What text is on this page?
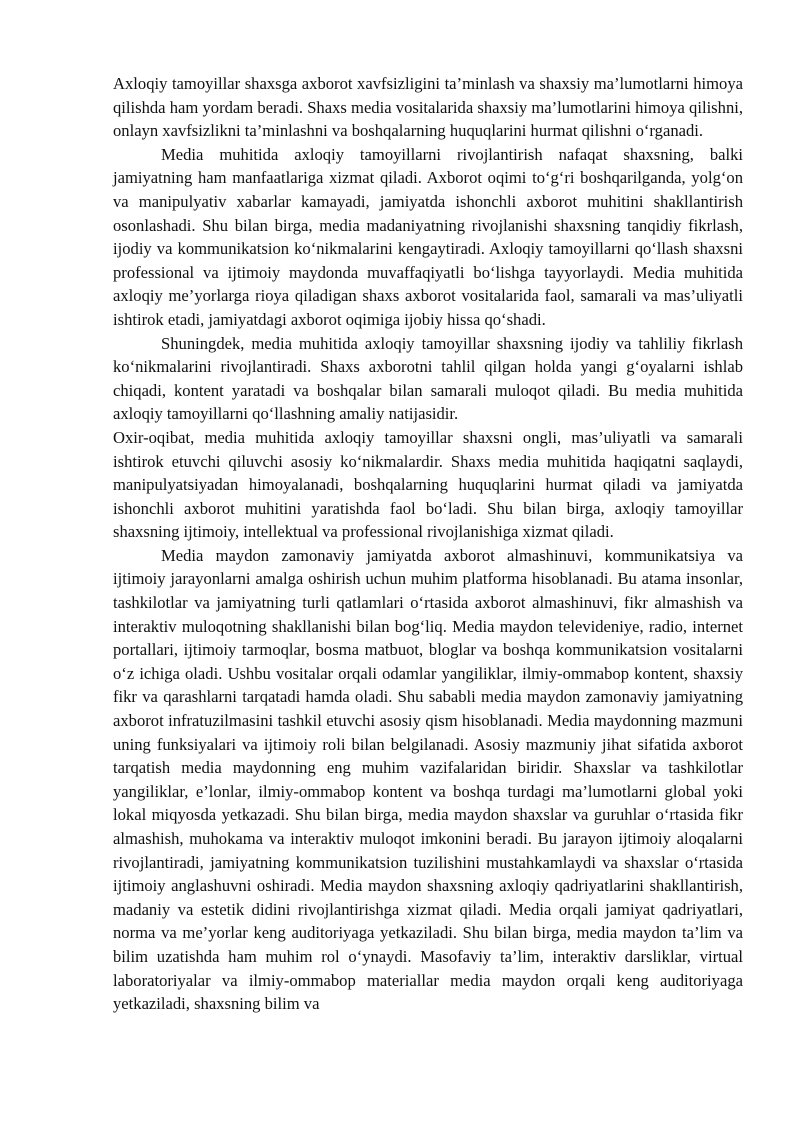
Axloqiy tamoyillar shaxsga axborot xavfsizligini ta’minlash va shaxsiy ma’lumotlarni himoya qilishda ham yordam beradi. Shaxs media vositalarida shaxsiy ma’lumotlarini himoya qilishni, onlayn xavfsizlikni ta’minlashni va boshqalarning huquqlarini hurmat qilishni o‘rganadi.

Media muhitida axloqiy tamoyillarni rivojlantirish nafaqat shaxsning, balki jamiyatning ham manfaatlariga xizmat qiladi. Axborot oqimi to‘g‘ri boshqarilganda, yolg‘on va manipulyativ xabarlar kamayadi, jamiyatda ishonchli axborot muhitini shakllantirish osonlashadi. Shu bilan birga, media madaniyatning rivojlanishi shaxsning tanqidiy fikrlash, ijodiy va kommunikatsion ko‘nikmalarini kengaytiradi. Axloqiy tamoyillarni qo‘llash shaxsni professional va ijtimoiy maydonda muvaffaqiyatli bo‘lishga tayyorlaydi. Media muhitida axloqiy me’yorlarga rioya qiladigan shaxs axborot vositalarida faol, samarali va mas’uliyatli ishtirok etadi, jamiyatdagi axborot oqimiga ijobiy hissa qo‘shadi.

Shuningdek, media muhitida axloqiy tamoyillar shaxsning ijodiy va tahliliy fikrlash ko‘nikmalarini rivojlantiradi. Shaxs axborotni tahlil qilgan holda yangi g‘oyalarni ishlab chiqadi, kontent yaratadi va boshqalar bilan samarali muloqot qiladi. Bu media muhitida axloqiy tamoyillarni qo‘llashning amaliy natijasidir.

Oxir-oqibat, media muhitida axloqiy tamoyillar shaxsni ongli, mas’uliyatli va samarali ishtirok etuvchi qiluvchi asosiy ko‘nikmalardir. Shaxs media muhitida haqiqatni saqlaydi, manipulyatsiyadan himoyalanadi, boshqalarning huquqlarini hurmat qiladi va jamiyatda ishonchli axborot muhitini yaratishda faol bo‘ladi. Shu bilan birga, axloqiy tamoyillar shaxsning ijtimoiy, intellektual va professional rivojlanishiga xizmat qiladi.

Media maydon zamonaviy jamiyatda axborot almashinuvi, kommunikatsiya va ijtimoiy jarayonlarni amalga oshirish uchun muhim platforma hisoblanadi. Bu atama insonlar, tashkilotlar va jamiyatning turli qatlamlari o‘rtasida axborot almashinuvi, fikr almashish va interaktiv muloqotning shakllanishi bilan bog‘liq. Media maydon televideniye, radio, internet portallari, ijtimoiy tarmoqlar, bosma matbuot, bloglar va boshqa kommunikatsion vositalarni o‘z ichiga oladi. Ushbu vositalar orqali odamlar yangiliklar, ilmiy-ommabop kontent, shaxsiy fikr va qarashlarni tarqatadi hamda oladi. Shu sababli media maydon zamonaviy jamiyatning axborot infratuzilmasini tashkil etuvchi asosiy qism hisoblanadi. Media maydonning mazmuni uning funksiyalari va ijtimoiy roli bilan belgilanadi. Asosiy mazmuniy jihat sifatida axborot tarqatish media maydonning eng muhim vazifalaridan biridir. Shaxslar va tashkilotlar yangiliklar, e’lonlar, ilmiy-ommabop kontent va boshqa turdagi ma’lumotlarni global yoki lokal miqyosda yetkazadi. Shu bilan birga, media maydon shaxslar va guruhlar o‘rtasida fikr almashish, muhokama va interaktiv muloqot imkonini beradi. Bu jarayon ijtimoiy aloqalarni rivojlantiradi, jamiyatning kommunikatsion tuzilishini mustahkamlaydi va shaxslar o‘rtasida ijtimoiy anglashuvni oshiradi. Media maydon shaxsning axloqiy qadriyatlarini shakllantirish, madaniy va estetik didini rivojlantirishga xizmat qiladi. Media orqali jamiyat qadriyatlari, norma va me’yorlar keng auditoriyaga yetkaziladi. Shu bilan birga, media maydon ta’lim va bilim uzatishda ham muhim rol o‘ynaydi. Masofaviy ta’lim, interaktiv darsliklar, virtual laboratoriyalar va ilmiy-ommabop materiallar media maydon orqali keng auditoriyaga yetkaziladi, shaxsning bilim va
